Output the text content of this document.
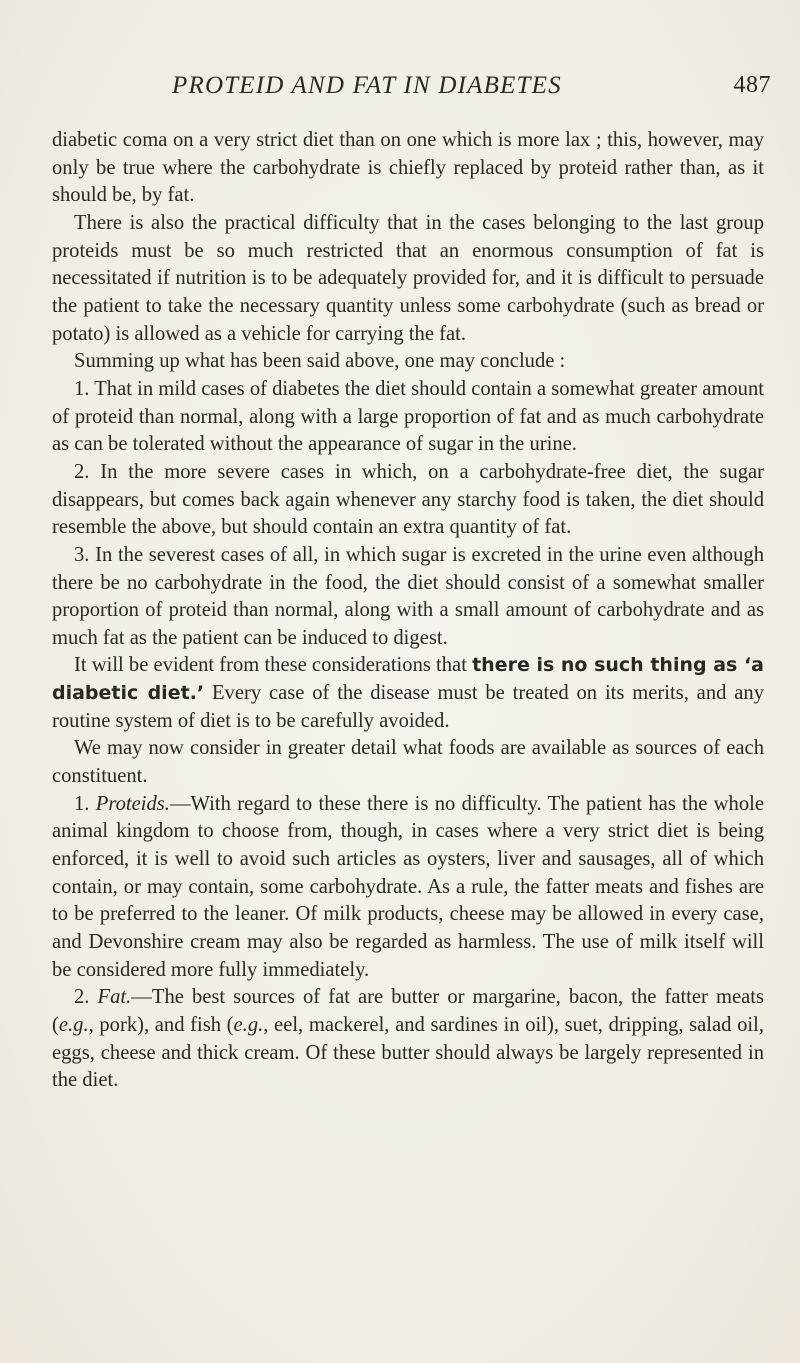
PROTEID AND FAT IN DIABETES	487

diabetic coma on a very strict diet than on one which is more lax ; this, however, may only be true where the carbohydrate is chiefly replaced by proteid rather than, as it should be, by fat.

There is also the practical difficulty that in the cases belonging to the last group proteids must be so much restricted that an enormous consumption of fat is necessitated if nutrition is to be adequately provided for, and it is difficult to persuade the patient to take the necessary quantity unless some carbohydrate (such as bread or potato) is allowed as a vehicle for carrying the fat.

Summing up what has been said above, one may conclude :

1. That in mild cases of diabetes the diet should contain a somewhat greater amount of proteid than normal, along with a large proportion of fat and as much carbohydrate as can be tolerated without the appearance of sugar in the urine.

2. In the more severe cases in which, on a carbohydrate-free diet, the sugar disappears, but comes back again whenever any starchy food is taken, the diet should resemble the above, but should contain an extra quantity of fat.

3. In the severest cases of all, in which sugar is excreted in the urine even although there be no carbohydrate in the food, the diet should consist of a somewhat smaller proportion of proteid than normal, along with a small amount of carbohydrate and as much fat as the patient can be induced to digest.

It will be evident from these considerations that there is no such thing as ‘a diabetic diet.’ Every case of the disease must be treated on its merits, and any routine system of diet is to be carefully avoided.

We may now consider in greater detail what foods are available as sources of each constituent.

1. Proteids.—With regard to these there is no difficulty. The patient has the whole animal kingdom to choose from, though, in cases where a very strict diet is being enforced, it is well to avoid such articles as oysters, liver and sausages, all of which contain, or may contain, some carbohydrate. As a rule, the fatter meats and fishes are to be preferred to the leaner. Of milk products, cheese may be allowed in every case, and Devonshire cream may also be regarded as harmless. The use of milk itself will be considered more fully immediately.

2. Fat.—The best sources of fat are butter or margarine, bacon, the fatter meats (e.g., pork), and fish (e.g., eel, mackerel, and sardines in oil), suet, dripping, salad oil, eggs, cheese and thick cream. Of these butter should always be largely represented in the diet.
